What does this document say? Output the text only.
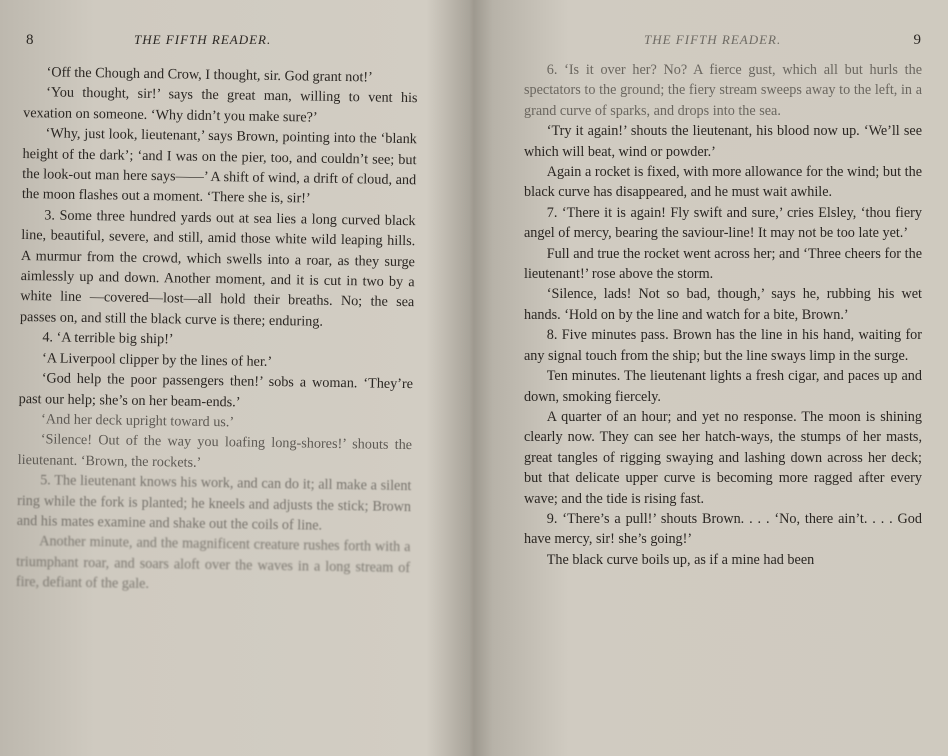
8	THE FIFTH READER.

‘Off the Chough and Crow, I thought, sir. God grant not!’

‘You thought, sir!’ says the great man, willing to vent his vexation on someone. ‘Why didn’t you make sure?’

‘Why, just look, lieutenant,’ says Brown, pointing into the ‘blank height of the dark’; ‘and I was on the pier, too, and couldn’t see; but the look-out man here says——’ A shift of wind, a drift of cloud, and the moon flashes out a moment. ‘There she is, sir!’

3. Some three hundred yards out at sea lies a long curved black line, beautiful, severe, and still, amid those white wild leaping hills. A murmur from the crowd, which swells into a roar, as they surge aimlessly up and down. Another moment, and it is cut in two by a white line —covered—lost—all hold their breaths. No; the sea passes on, and still the black curve is there; enduring.

4. ‘A terrible big ship!’

‘A Liverpool clipper by the lines of her.’

‘God help the poor passengers then!’ sobs a woman. ‘They’re past our help; she’s on her beam-ends.’

‘And her deck upright toward us.’

‘Silence! Out of the way you loafing long-shores!’ shouts the lieutenant. ‘Brown, the rockets.’

5. The lieutenant knows his work, and can do it; all make a silent ring while the fork is planted; he kneels and adjusts the stick; Brown and his mates examine and shake out the coils of line.

Another minute, and the magnificent creature rushes forth with a triumphant roar, and soars aloft over the waves in a long stream of fire, defiant of the gale.

THE FIFTH READER.	9

6. ‘Is it over her? No? A fierce gust, which all but hurls the spectators to the ground; the fiery stream sweeps away to the left, in a grand curve of sparks, and drops into the sea.

‘Try it again!’ shouts the lieutenant, his blood now up. ‘We’ll see which will beat, wind or powder.’

Again a rocket is fixed, with more allowance for the wind; but the black curve has disappeared, and he must wait awhile.

7. ‘There it is again! Fly swift and sure,’ cries Elsley, ‘thou fiery angel of mercy, bearing the saviour-line! It may not be too late yet.’

Full and true the rocket went across her; and ‘Three cheers for the lieutenant!’ rose above the storm.

‘Silence, lads! Not so bad, though,’ says he, rubbing his wet hands. ‘Hold on by the line and watch for a bite, Brown.’

8. Five minutes pass. Brown has the line in his hand, waiting for any signal touch from the ship; but the line sways limp in the surge.

Ten minutes. The lieutenant lights a fresh cigar, and paces up and down, smoking fiercely.

A quarter of an hour; and yet no response. The moon is shining clearly now. They can see her hatch-ways, the stumps of her masts, great tangles of rigging swaying and lashing down across her deck; but that delicate upper curve is becoming more ragged after every wave; and the tide is rising fast.

9. ‘There’s a pull!’ shouts Brown. . . . ‘No, there ain’t. . . . God have mercy, sir! she’s going!’

The black curve boils up, as if a mine had been
